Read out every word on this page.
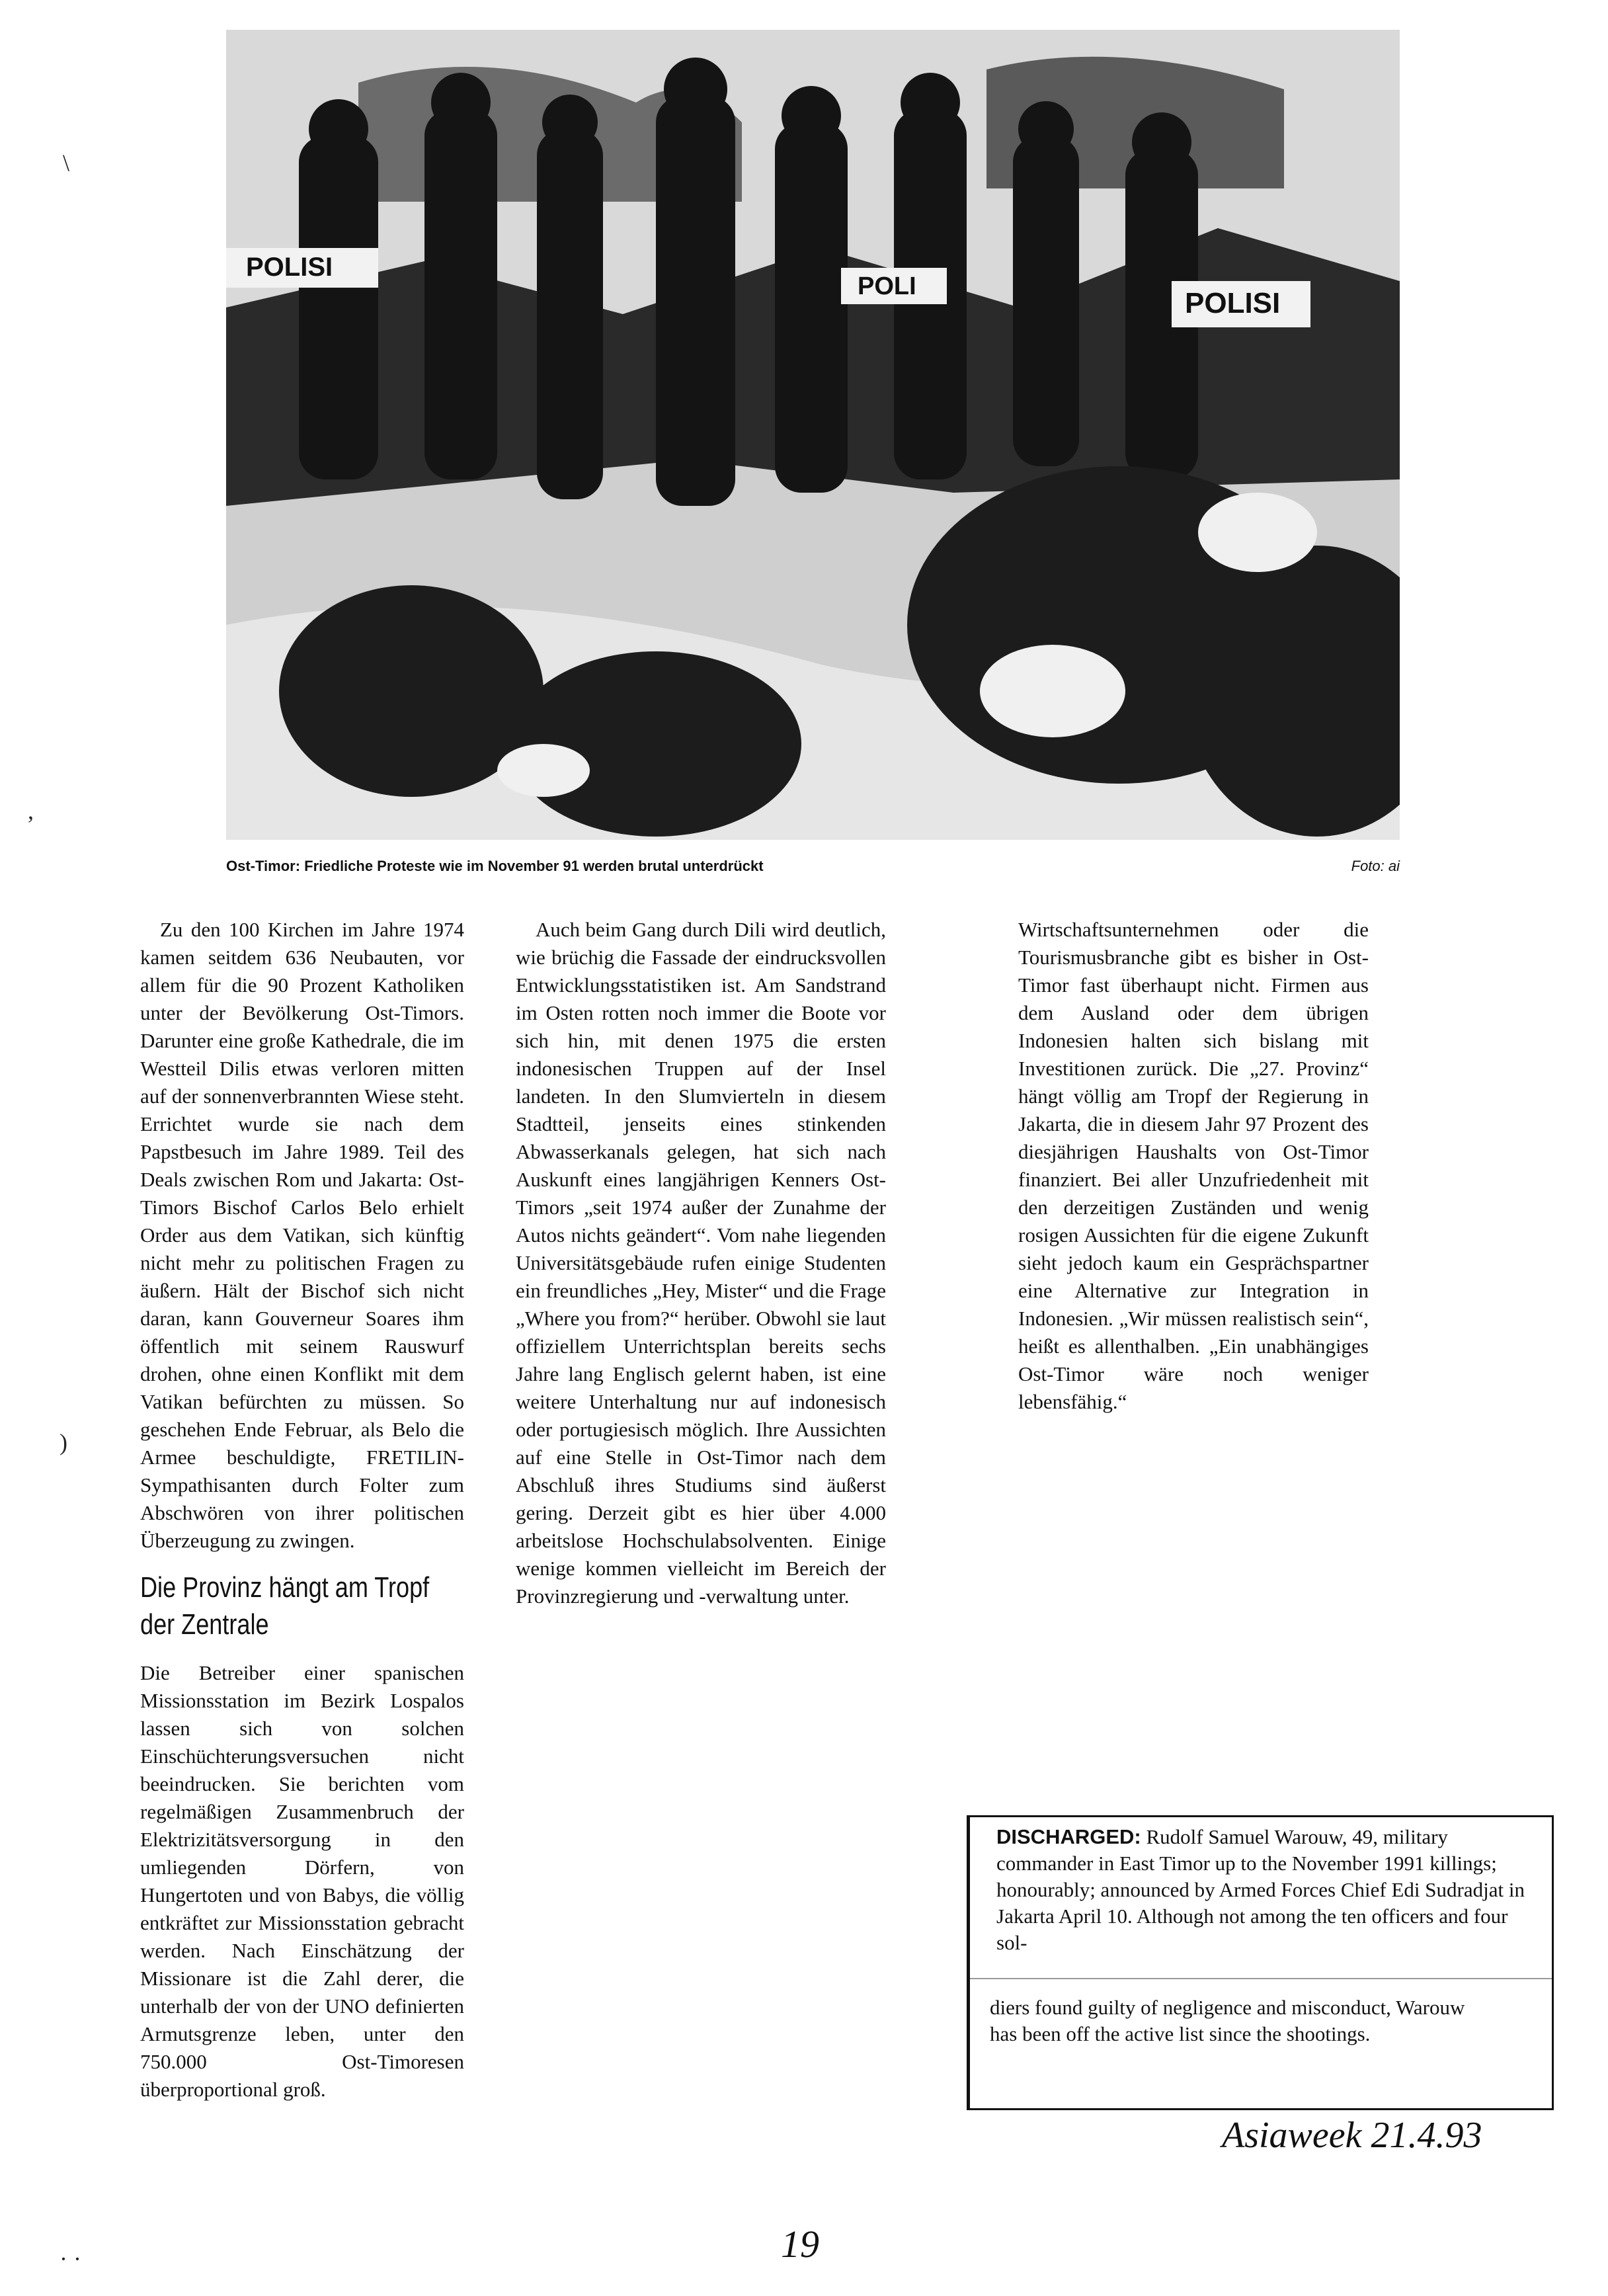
POLISI
POLI
POLISI
Ost-Timor: Friedliche Proteste wie im November 91 werden brutal unterdrückt	Foto: ai

Zu den 100 Kirchen im Jahre 1974 kamen seitdem 636 Neubauten, vor allem für die 90 Prozent Katholiken unter der Bevölkerung Ost-Timors. Darunter eine große Kathedrale, die im Westteil Dilis etwas verloren mitten auf der sonnenverbrannten Wiese steht. Errichtet wurde sie nach dem Papstbesuch im Jahre 1989. Teil des Deals zwischen Rom und Jakarta: Ost-Timors Bischof Carlos Belo erhielt Order aus dem Vatikan, sich künftig nicht mehr zu politischen Fragen zu äußern. Hält der Bischof sich nicht daran, kann Gouverneur Soares ihm öffentlich mit seinem Rauswurf drohen, ohne einen Konflikt mit dem Vatikan befürchten zu müssen. So geschehen Ende Februar, als Belo die Armee beschuldigte, FRETILIN-Sympathisanten durch Folter zum Abschwören von ihrer politischen Überzeugung zu zwingen.

Die Provinz hängt am Tropf der Zentrale

Die Betreiber einer spanischen Missionsstation im Bezirk Lospalos lassen sich von solchen Einschüchterungsversuchen nicht beeindrucken. Sie berichten vom regelmäßigen Zusammenbruch der Elektrizitätsversorgung in den umliegenden Dörfern, von Hungertoten und von Babys, die völlig entkräftet zur Missionsstation gebracht werden. Nach Einschätzung der Missionare ist die Zahl derer, die unterhalb der von der UNO definierten Armutsgrenze leben, unter den 750.000 Ost-Timoresen überproportional groß.

Auch beim Gang durch Dili wird deutlich, wie brüchig die Fassade der eindrucksvollen Entwicklungsstatistiken ist. Am Sandstrand im Osten rotten noch immer die Boote vor sich hin, mit denen 1975 die ersten indonesischen Truppen auf der Insel landeten. In den Slumvierteln in diesem Stadtteil, jenseits eines stinkenden Abwasserkanals gelegen, hat sich nach Auskunft eines langjährigen Kenners Ost-Timors „seit 1974 außer der Zunahme der Autos nichts geändert“. Vom nahe liegenden Universitätsgebäude rufen einige Studenten ein freundliches „Hey, Mister“ und die Frage „Where you from?“ herüber. Obwohl sie laut offiziellem Unterrichtsplan bereits sechs Jahre lang Englisch gelernt haben, ist eine weitere Unterhaltung nur auf indonesisch oder portugiesisch möglich. Ihre Aussichten auf eine Stelle in Ost-Timor nach dem Abschluß ihres Studiums sind äußerst gering. Derzeit gibt es hier über 4.000 arbeitslose Hochschulabsolventen. Einige wenige kommen vielleicht im Bereich der Provinzregierung und -verwaltung unter.

Wirtschaftsunternehmen oder die Tourismusbranche gibt es bisher in Ost-Timor fast überhaupt nicht. Firmen aus dem Ausland oder dem übrigen Indonesien halten sich bislang mit Investitionen zurück. Die „27. Provinz“ hängt völlig am Tropf der Regierung in Jakarta, die in diesem Jahr 97 Prozent des diesjährigen Haushalts von Ost-Timor finanziert. Bei aller Unzufriedenheit mit den derzeitigen Zuständen und wenig rosigen Aussichten für die eigene Zukunft sieht jedoch kaum ein Gesprächspartner eine Alternative zur Integration in Indonesien. „Wir müssen realistisch sein“, heißt es allenthalben. „Ein unabhängiges Ost-Timor wäre noch weniger lebensfähig.“

DISCHARGED: Rudolf Samuel Warouw, 49, military commander in East Timor up to the November 1991 killings; honourably; announced by Armed Forces Chief Edi Sudradjat in Jakarta April 10. Although not among the ten officers and four sol-
diers found guilty of negligence and misconduct, Warouw has been off the active list since the shootings.
Asiaweek 21.4.93
19
\
,
)
· ·
